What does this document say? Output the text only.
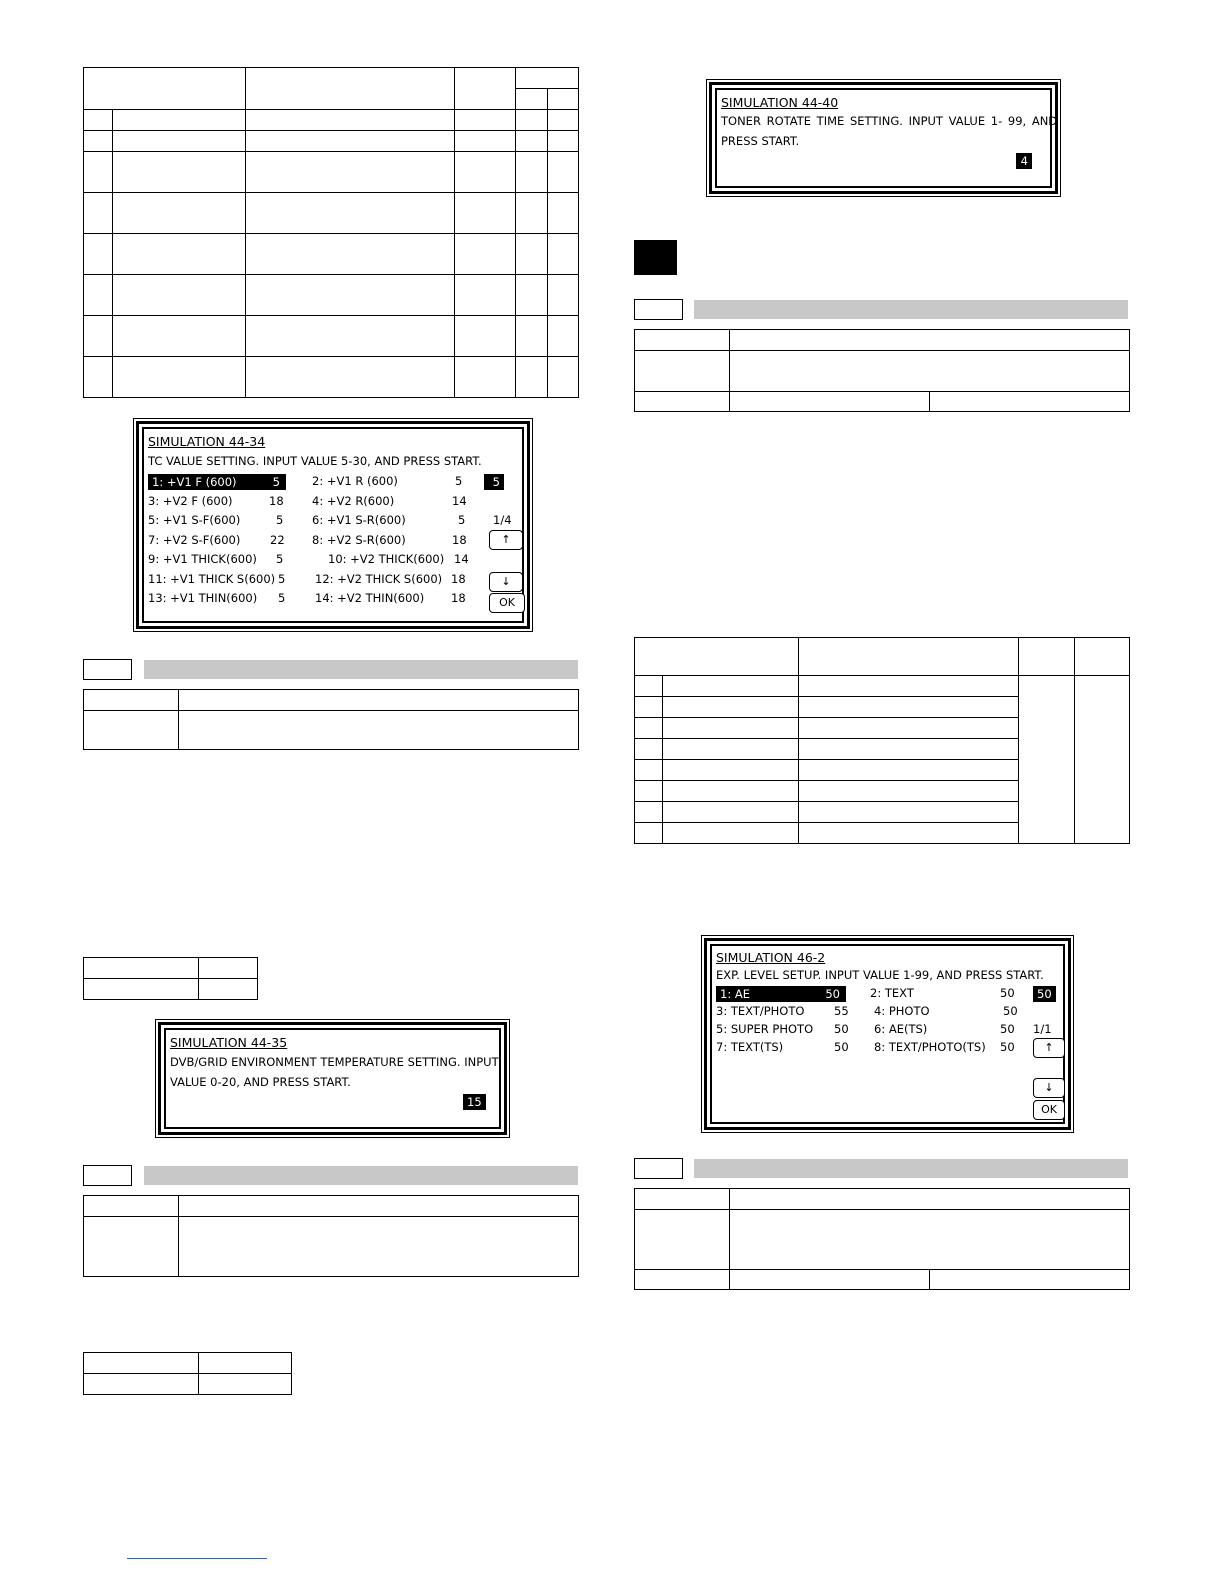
SIMULATION 44-34
TC VALUE SETTING. INPUT VALUE 5-30, AND PRESS START.
1: +V1 F (600)	5	2: +V1 R (600)	5
3: +V2 F (600)	18 4: +V2 R(600)	14
5: +V1 S-F(600)	5 6: +V1 S-R(600)	5
7: +V2 S-F(600)	22 8: +V2 S-R(600)	18
9: +V1 THICK(600) 5	10: +V2 THICK(600) 14
11: +V1 THICK S(600) 5	12: +V2 THICK S(600) 18
13: +V1 THIN(600) 5	14: +V2 THIN(600) 18
5
1/4
↑
↓
OK

SIMULATION 44-35
DVB/GRID ENVIRONMENT TEMPERATURE SETTING. INPUT
VALUE 0-20, AND PRESS START.
15

SIMULATION 44-40
TONER ROTATE TIME SETTING. INPUT VALUE 1- 99, AND
PRESS START.
4

SIMULATION 46-2
EXP. LEVEL SETUP. INPUT VALUE 1-99, AND PRESS START.
1: AE	50	2: TEXT	50
3: TEXT/PHOTO	55 4: PHOTO	50
5: SUPER PHOTO 50 6: AE(TS)	50
7: TEXT(TS)	50 8: TEXT/PHOTO(TS) 50
50
1/1
↑
↓
OK
